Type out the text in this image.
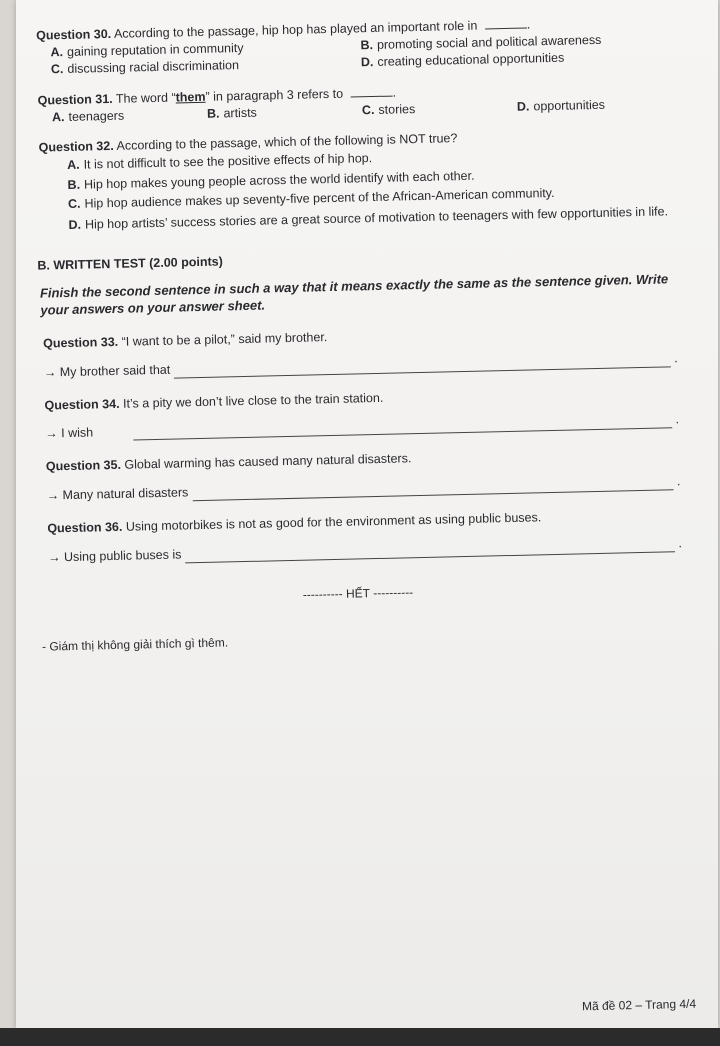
Question 30. According to the passage, hip hop has played an important role in	.
A. gaining reputation in community	B. promoting social and political awareness
C. discussing racial discrimination	D. creating educational opportunities
Question 31. The word “them” in paragraph 3 refers to	.
A. teenagers	B. artists	C. stories	D. opportunities
Question 32. According to the passage, which of the following is NOT true?
A. It is not difficult to see the positive effects of hip hop.
B. Hip hop makes young people across the world identify with each other.
C. Hip hop audience makes up seventy-five percent of the African-American community.
D. Hip hop artists’ success stories are a great source of motivation to teenagers with few opportunities in life.
B. WRITTEN TEST (2.00 points)
Finish the second sentence in such a way that it means exactly the same as the sentence given. Write your answers on your answer sheet.
Question 33. “I want to be a pilot,” said my brother.
→ My brother said that
.
Question 34. It’s a pity we don’t live close to the train station.
→ I wish
.
Question 35. Global warming has caused many natural disasters.
→ Many natural disasters
.
Question 36. Using motorbikes is not as good for the environment as using public buses.
→ Using public buses is
.
---------- HẾT ----------
- Giám thị không giải thích gì thêm.
Mã đề 02 – Trang 4/4
